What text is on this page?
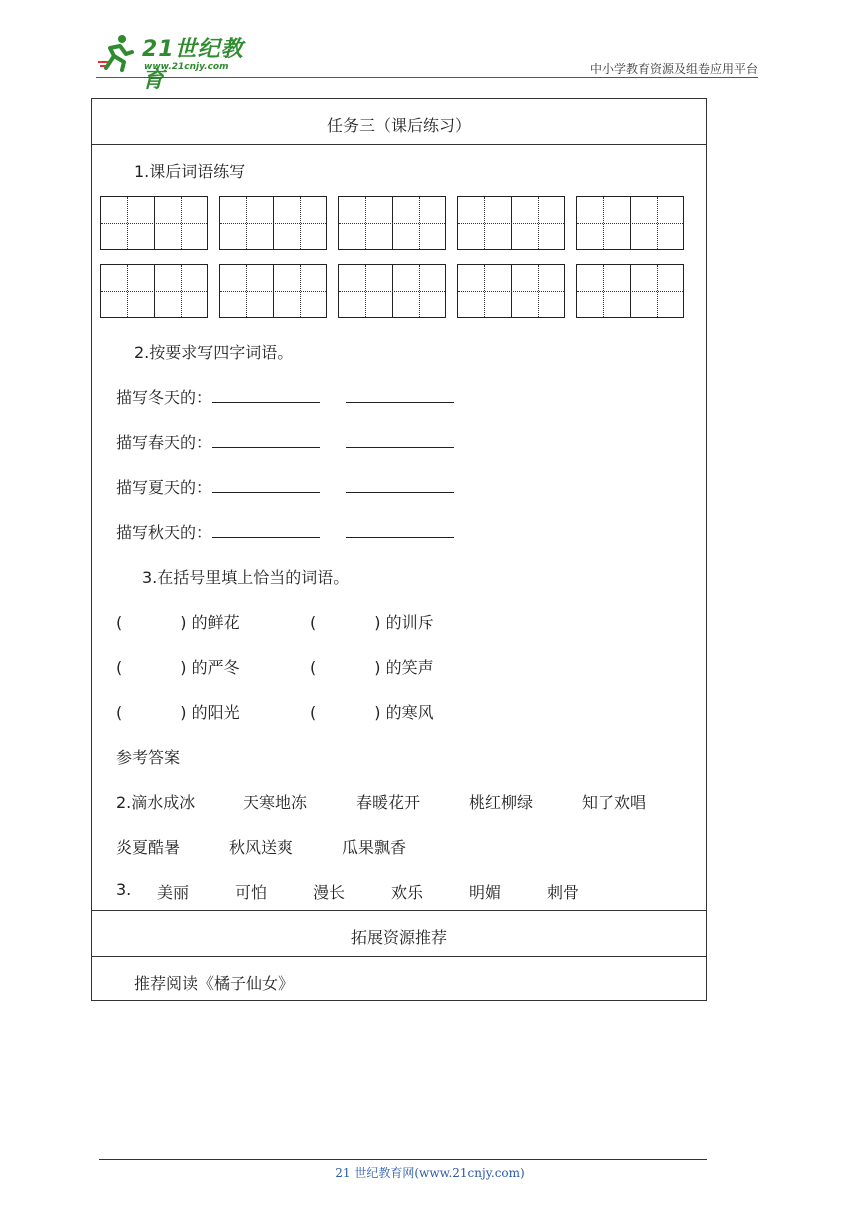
21世纪教育
www.21cnjy.com	中小学教育资源及组卷应用平台
任务三（课后练习）
1.课后词语练写
2.按要求写四字词语。
描写冬天的：
描写春天的：
描写夏天的：
描写秋天的：
3.在括号里填上恰当的词语。
(	) 的鲜花	(	) 的训斥
(	) 的严冬	(	) 的笑声
(	) 的阳光	(	) 的寒风
参考答案
2.滴水成冰	天寒地冻	春暖花开	桃红柳绿	知了欢唱
炎夏酷暑	秋风送爽	瓜果飘香
3. 美丽	可怕	漫长	欢乐	明媚	刺骨
拓展资源推荐
推荐阅读《橘子仙女》
21 世纪教育网(www.21cnjy.com)
